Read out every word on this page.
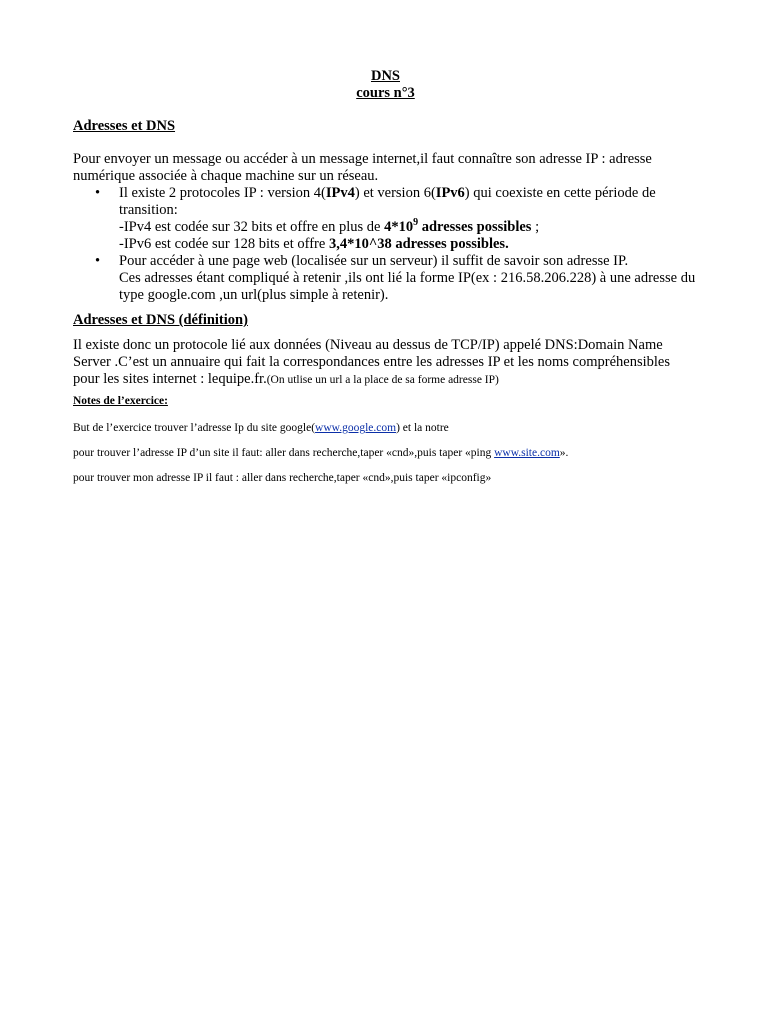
DNS
cours n°3
Adresses et DNS
Pour envoyer un message ou accéder à un message internet,il faut connaître son adresse IP : adresse numérique associée à chaque machine sur un réseau.
• Il existe 2 protocoles IP : version 4(IPv4) et version 6(IPv6) qui coexiste en cette période de transition:
-IPv4 est codée sur 32 bits et offre en plus de $4*10^9$ adresses possibles ;
-IPv6 est codée sur 128 bits et offre 3,4*10^38 adresses possibles.
• Pour accéder à une page web (localisée sur un serveur) il suffit de savoir son adresse IP.
Ces adresses étant compliqué à retenir ,ils ont lié la forme IP(ex : 216.58.206.228) à une adresse du type google.com ,un url(plus simple à retenir).
Adresses et DNS (définition)
Il existe donc un protocole lié aux données (Niveau au dessus de TCP/IP) appelé DNS:Domain Name Server .C’est un annuaire qui fait la correspondances entre les adresses IP et les noms compréhensibles pour les sites internet : lequipe.fr.(On utlise un url a la place de sa forme adresse IP)
Notes de l’exercice:
But de l’exercice trouver l’adresse Ip du site google(www.google.com) et la notre
pour trouver l’adresse IP d’un site il faut: aller dans recherche,taper «cnd»,puis taper «ping www.site.com».
pour trouver mon adresse IP il faut : aller dans recherche,taper «cnd»,puis taper «ipconfig»
